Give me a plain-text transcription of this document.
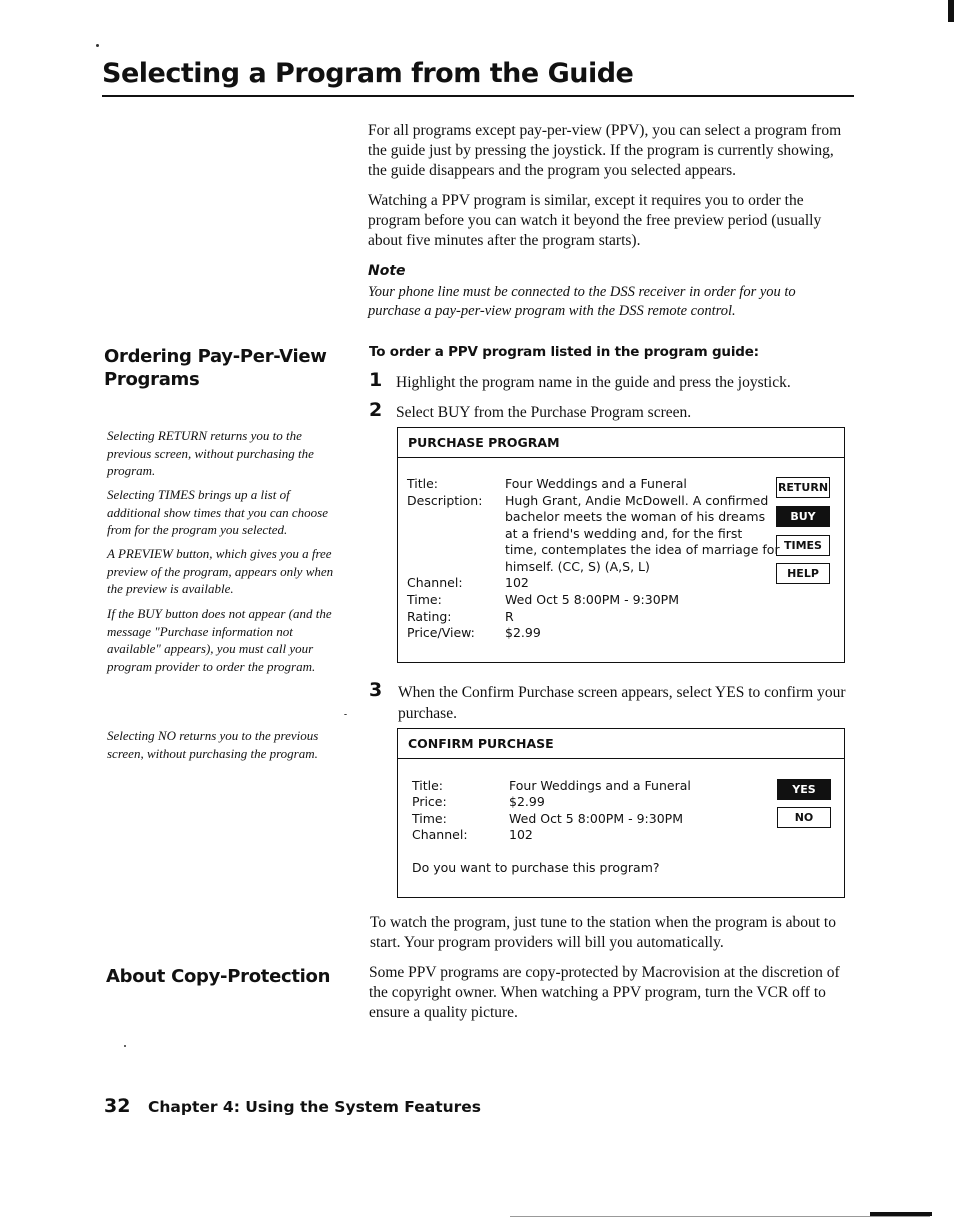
Selecting a Program from the Guide

For all programs except pay-per-view (PPV), you can select a program from the guide just by pressing the joystick. If the program is currently showing, the guide disappears and the program you selected appears.

Watching a PPV program is similar, except it requires you to order the program before you can watch it beyond the free preview period (usually about five minutes after the program starts).

Note

Your phone line must be connected to the DSS receiver in order for you to purchase a pay-per-view program with the DSS remote control.

Ordering Pay-Per-View
Programs

Selecting RETURN returns you to the previous screen, without purchasing the program.

Selecting TIMES brings up a list of additional show times that you can choose from for the program you selected.

A PREVIEW button, which gives you a free preview of the program, appears only when the preview is available.

If the BUY button does not appear (and the message "Purchase information not available" appears), you must call your program provider to order the program.

Selecting NO returns you to the previous screen, without purchasing the program.

To order a PPV program listed in the program guide:
1 Highlight the program name in the guide and press the joystick.

2 Select BUY from the Purchase Program screen.

PURCHASE PROGRAM
Title:
Description:
Channel:
Time:
Rating:
Price/View:
Four Weddings and a Funeral
Hugh Grant, Andie McDowell. A confirmed
bachelor meets the woman of his dreams
at a friend's wedding and, for the first
time, contemplates the idea of marriage for
himself. (CC, S) (A,S, L)
102
Wed Oct 5 8:00PM - 9:30PM
R
$2.99
RETURN
BUY
TIMES
HELP
3 When the Confirm Purchase screen appears, select YES to confirm your purchase.

CONFIRM PURCHASE
Title:
Price:
Time:
Channel:
Four Weddings and a Funeral
$2.99
Wed Oct 5 8:00PM - 9:30PM
102
Do you want to purchase this program?
YES
NO

To watch the program, just tune to the station when the program is about to start. Your program providers will bill you automatically.

About Copy-Protection	Some PPV programs are copy-protected by Macrovision at the discretion of the copyright owner. When watching a PPV program, turn the VCR off to ensure a quality picture.

32 Chapter 4: Using the System Features
